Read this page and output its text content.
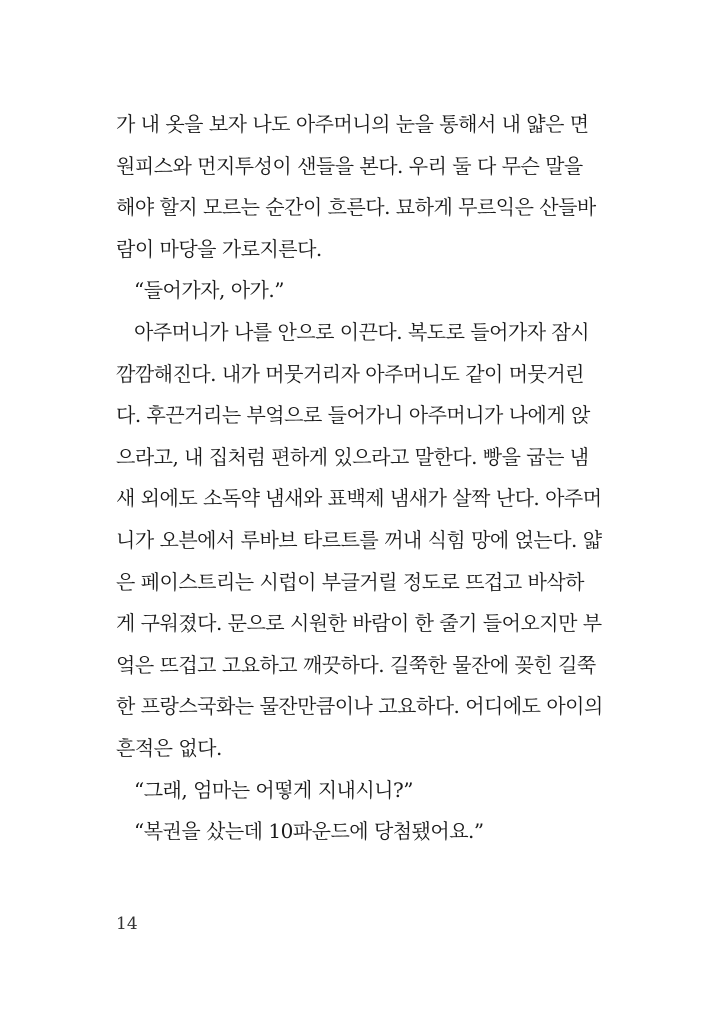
가 내 옷을 보자 나도 아주머니의 눈을 통해서 내 얇은 면
원피스와 먼지투성이 샌들을 본다. 우리 둘 다 무슨 말을
해야 할지 모르는 순간이 흐른다. 묘하게 무르익은 산들바
람이 마당을 가로지른다.
“들어가자, 아가.”
아주머니가 나를 안으로 이끈다. 복도로 들어가자 잠시
깜깜해진다. 내가 머뭇거리자 아주머니도 같이 머뭇거린
다. 후끈거리는 부엌으로 들어가니 아주머니가 나에게 앉
으라고, 내 집처럼 편하게 있으라고 말한다. 빵을 굽는 냄
새 외에도 소독약 냄새와 표백제 냄새가 살짝 난다. 아주머
니가 오븐에서 루바브 타르트를 꺼내 식힘 망에 얹는다. 얇
은 페이스트리는 시럽이 부글거릴 정도로 뜨겁고 바삭하
게 구워졌다. 문으로 시원한 바람이 한 줄기 들어오지만 부
엌은 뜨겁고 고요하고 깨끗하다. 길쭉한 물잔에 꽂힌 길쭉
한 프랑스국화는 물잔만큼이나 고요하다. 어디에도 아이의
흔적은 없다.
“그래, 엄마는 어떻게 지내시니?”
“복권을 샀는데 10파운드에 당첨됐어요.”
14
